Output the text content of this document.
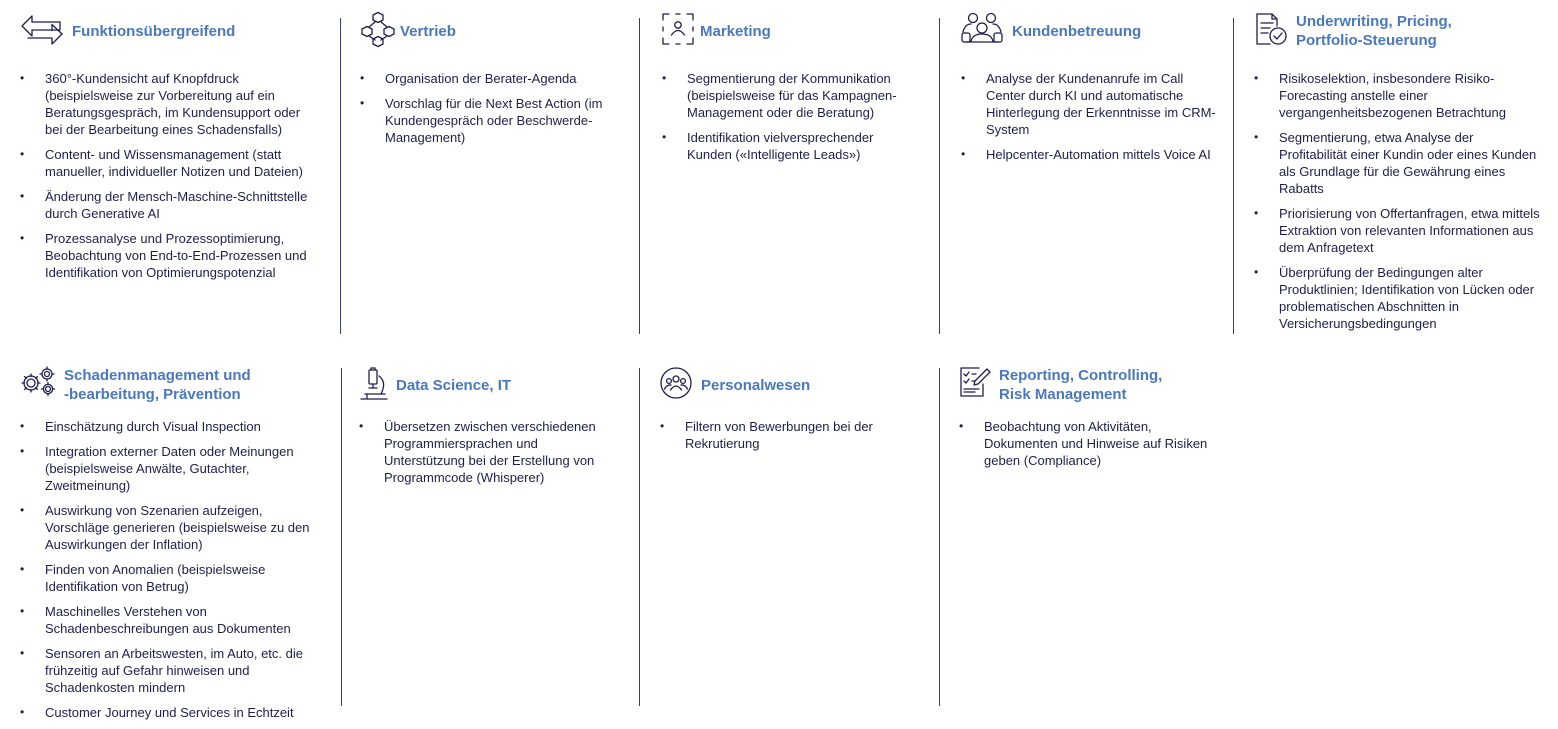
Funktionsübergreifend
• 360°-Kundensicht auf Knopfdruck (beispielsweise zur Vorbereitung auf ein Beratungsgespräch, im Kundensupport oder bei der Bearbeitung eines Schadensfalls)
• Content- und Wissensmanagement (statt manueller, individueller Notizen und Dateien)
• Änderung der Mensch-Maschine-Schnittstelle durch Generative AI
• Prozessanalyse und Prozessoptimierung, Beobachtung von End-to-End-Prozessen und Identifikation von Optimierungspotenzial
Vertrieb
• Organisation der Berater-Agenda
• Vorschlag für die Next Best Action (im Kundengespräch oder Beschwerde-Management)
Marketing
• Segmentierung der Kommunikation (beispielsweise für das Kampagnen-Management oder die Beratung)
• Identifikation vielversprechender Kunden («Intelligente Leads»)
Kundenbetreuung
• Analyse der Kundenanrufe im Call Center durch KI und automatische Hinterlegung der Erkenntnisse im CRM-System
• Helpcenter-Automation mittels Voice AI
Underwriting, Pricing,
Portfolio-Steuerung
• Risikoselektion, insbesondere Risiko-Forecasting anstelle einer vergangenheitsbezogenen Betrachtung
• Segmentierung, etwa Analyse der Profitabilität einer Kundin oder eines Kunden als Grundlage für die Gewährung eines Rabatts
• Priorisierung von Offertanfragen, etwa mittels Extraktion von relevanten Informationen aus dem Anfragetext
• Überprüfung der Bedingungen alter Produktlinien; Identifikation von Lücken oder problematischen Abschnitten in Versicherungsbedingungen
Schadenmanagement und
-bearbeitung, Prävention
• Einschätzung durch Visual Inspection
• Integration externer Daten oder Meinungen (beispielsweise Anwälte, Gutachter, Zweitmeinung)
• Auswirkung von Szenarien aufzeigen, Vorschläge generieren (beispielsweise zu den Auswirkungen der Inflation)
• Finden von Anomalien (beispielsweise Identifikation von Betrug)
• Maschinelles Verstehen von Schadenbeschreibungen aus Dokumenten
• Sensoren an Arbeitswesten, im Auto, etc. die frühzeitig auf Gefahr hinweisen und Schadenkosten mindern
• Customer Journey und Services in Echtzeit
Data Science, IT
• Übersetzen zwischen verschiedenen Programmiersprachen und Unterstützung bei der Erstellung von Programmcode (Whisperer)
Personalwesen
• Filtern von Bewerbungen bei der Rekrutierung
Reporting, Controlling,
Risk Management
• Beobachtung von Aktivitäten, Dokumenten und Hinweise auf Risiken geben (Compliance)
